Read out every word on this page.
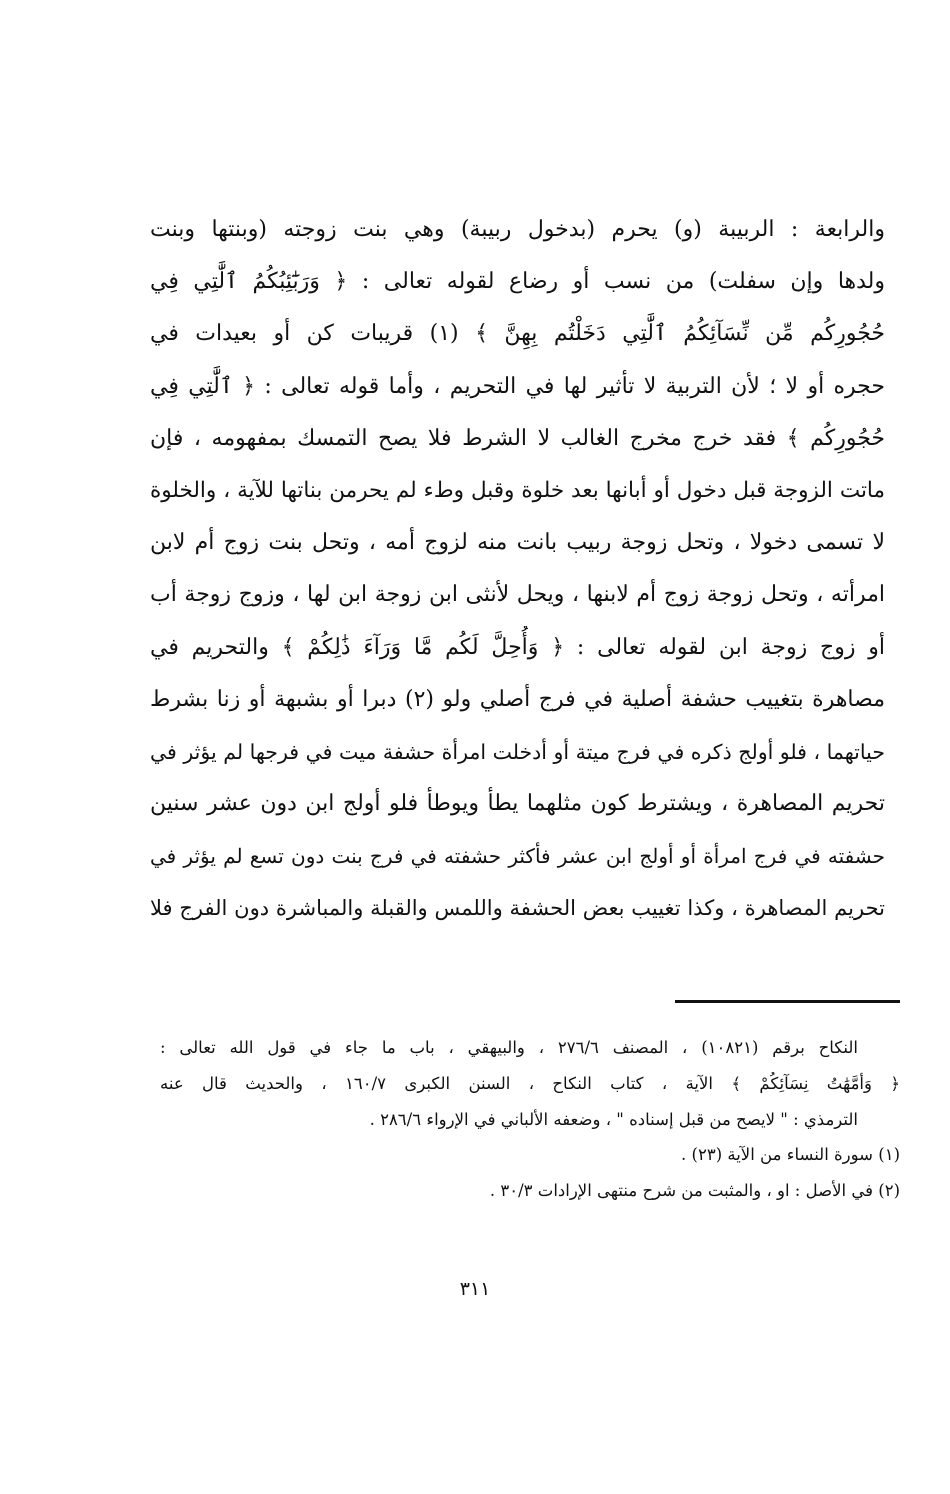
والرابعة : الربيبة (و) يحرم (بدخول ربيبة) وهي بنت زوجته (وبنتها وبنت
ولدها وإن سفلت) من نسب أو رضاع لقوله تعالى : ﴿ وَرَبَٰٓئِبُكُمُ ٱلَّٰتِي فِي
حُجُورِكُم مِّن نِّسَآئِكُمُ ٱلَّٰتِي دَخَلْتُم بِهِنَّ ﴾ (١) قريبات كن أو بعيدات في
حجره أو لا ؛ لأن التربية لا تأثير لها في التحريم ، وأما قوله تعالى : ﴿ ٱلَّٰتِي فِي
حُجُورِكُم ﴾ فقد خرج مخرج الغالب لا الشرط فلا يصح التمسك بمفهومه ، فإن
ماتت الزوجة قبل دخول أو أبانها بعد خلوة وقبل وطء لم يحرمن بناتها للآية ، والخلوة
لا تسمى دخولا ، وتحل زوجة ربيب بانت منه لزوج أمه ، وتحل بنت زوج أم لابن
امرأته ، وتحل زوجة زوج أم لابنها ، ويحل لأنثى ابن زوجة ابن لها ، وزوج زوجة أب
أو زوج زوجة ابن لقوله تعالى : ﴿ وَأُحِلَّ لَكُم مَّا وَرَآءَ ذَٰلِكُمْ ﴾ والتحريم في
مصاهرة بتغييب حشفة أصلية في فرج أصلي ولو (٢) دبرا أو بشبهة أو زنا بشرط
حياتهما ، فلو أولج ذكره في فرج ميتة أو أدخلت امرأة حشفة ميت في فرجها لم يؤثر في
تحريم المصاهرة ، ويشترط كون مثلهما يطأ ويوطأ فلو أولج ابن دون عشر سنين
حشفته في فرج امرأة أو أولج ابن عشر فأكثر حشفته في فرج بنت دون تسع لم يؤثر في
تحريم المصاهرة ، وكذا تغييب بعض الحشفة واللمس والقبلة والمباشرة دون الفرج فلا
النكاح برقم (١٠٨٢١) ، المصنف ٢٧٦/٦ ، والبيهقي ، باب ما جاء في قول الله تعالى :
﴿ وَأُمَّهَٰتُ نِسَآئِكُمْ ﴾ الآية ، كتاب النكاح ، السنن الكبرى ١٦٠/٧ ، والحديث قال عنه
الترمذي : " لايصح من قبل إسناده " ، وضعفه الألباني في الإرواء ٢٨٦/٦ .
(١) سورة النساء من الآية (٢٣) .
(٢) في الأصل : او ، والمثبت من شرح منتهى الإرادات ٣٠/٣ .
٣١١
